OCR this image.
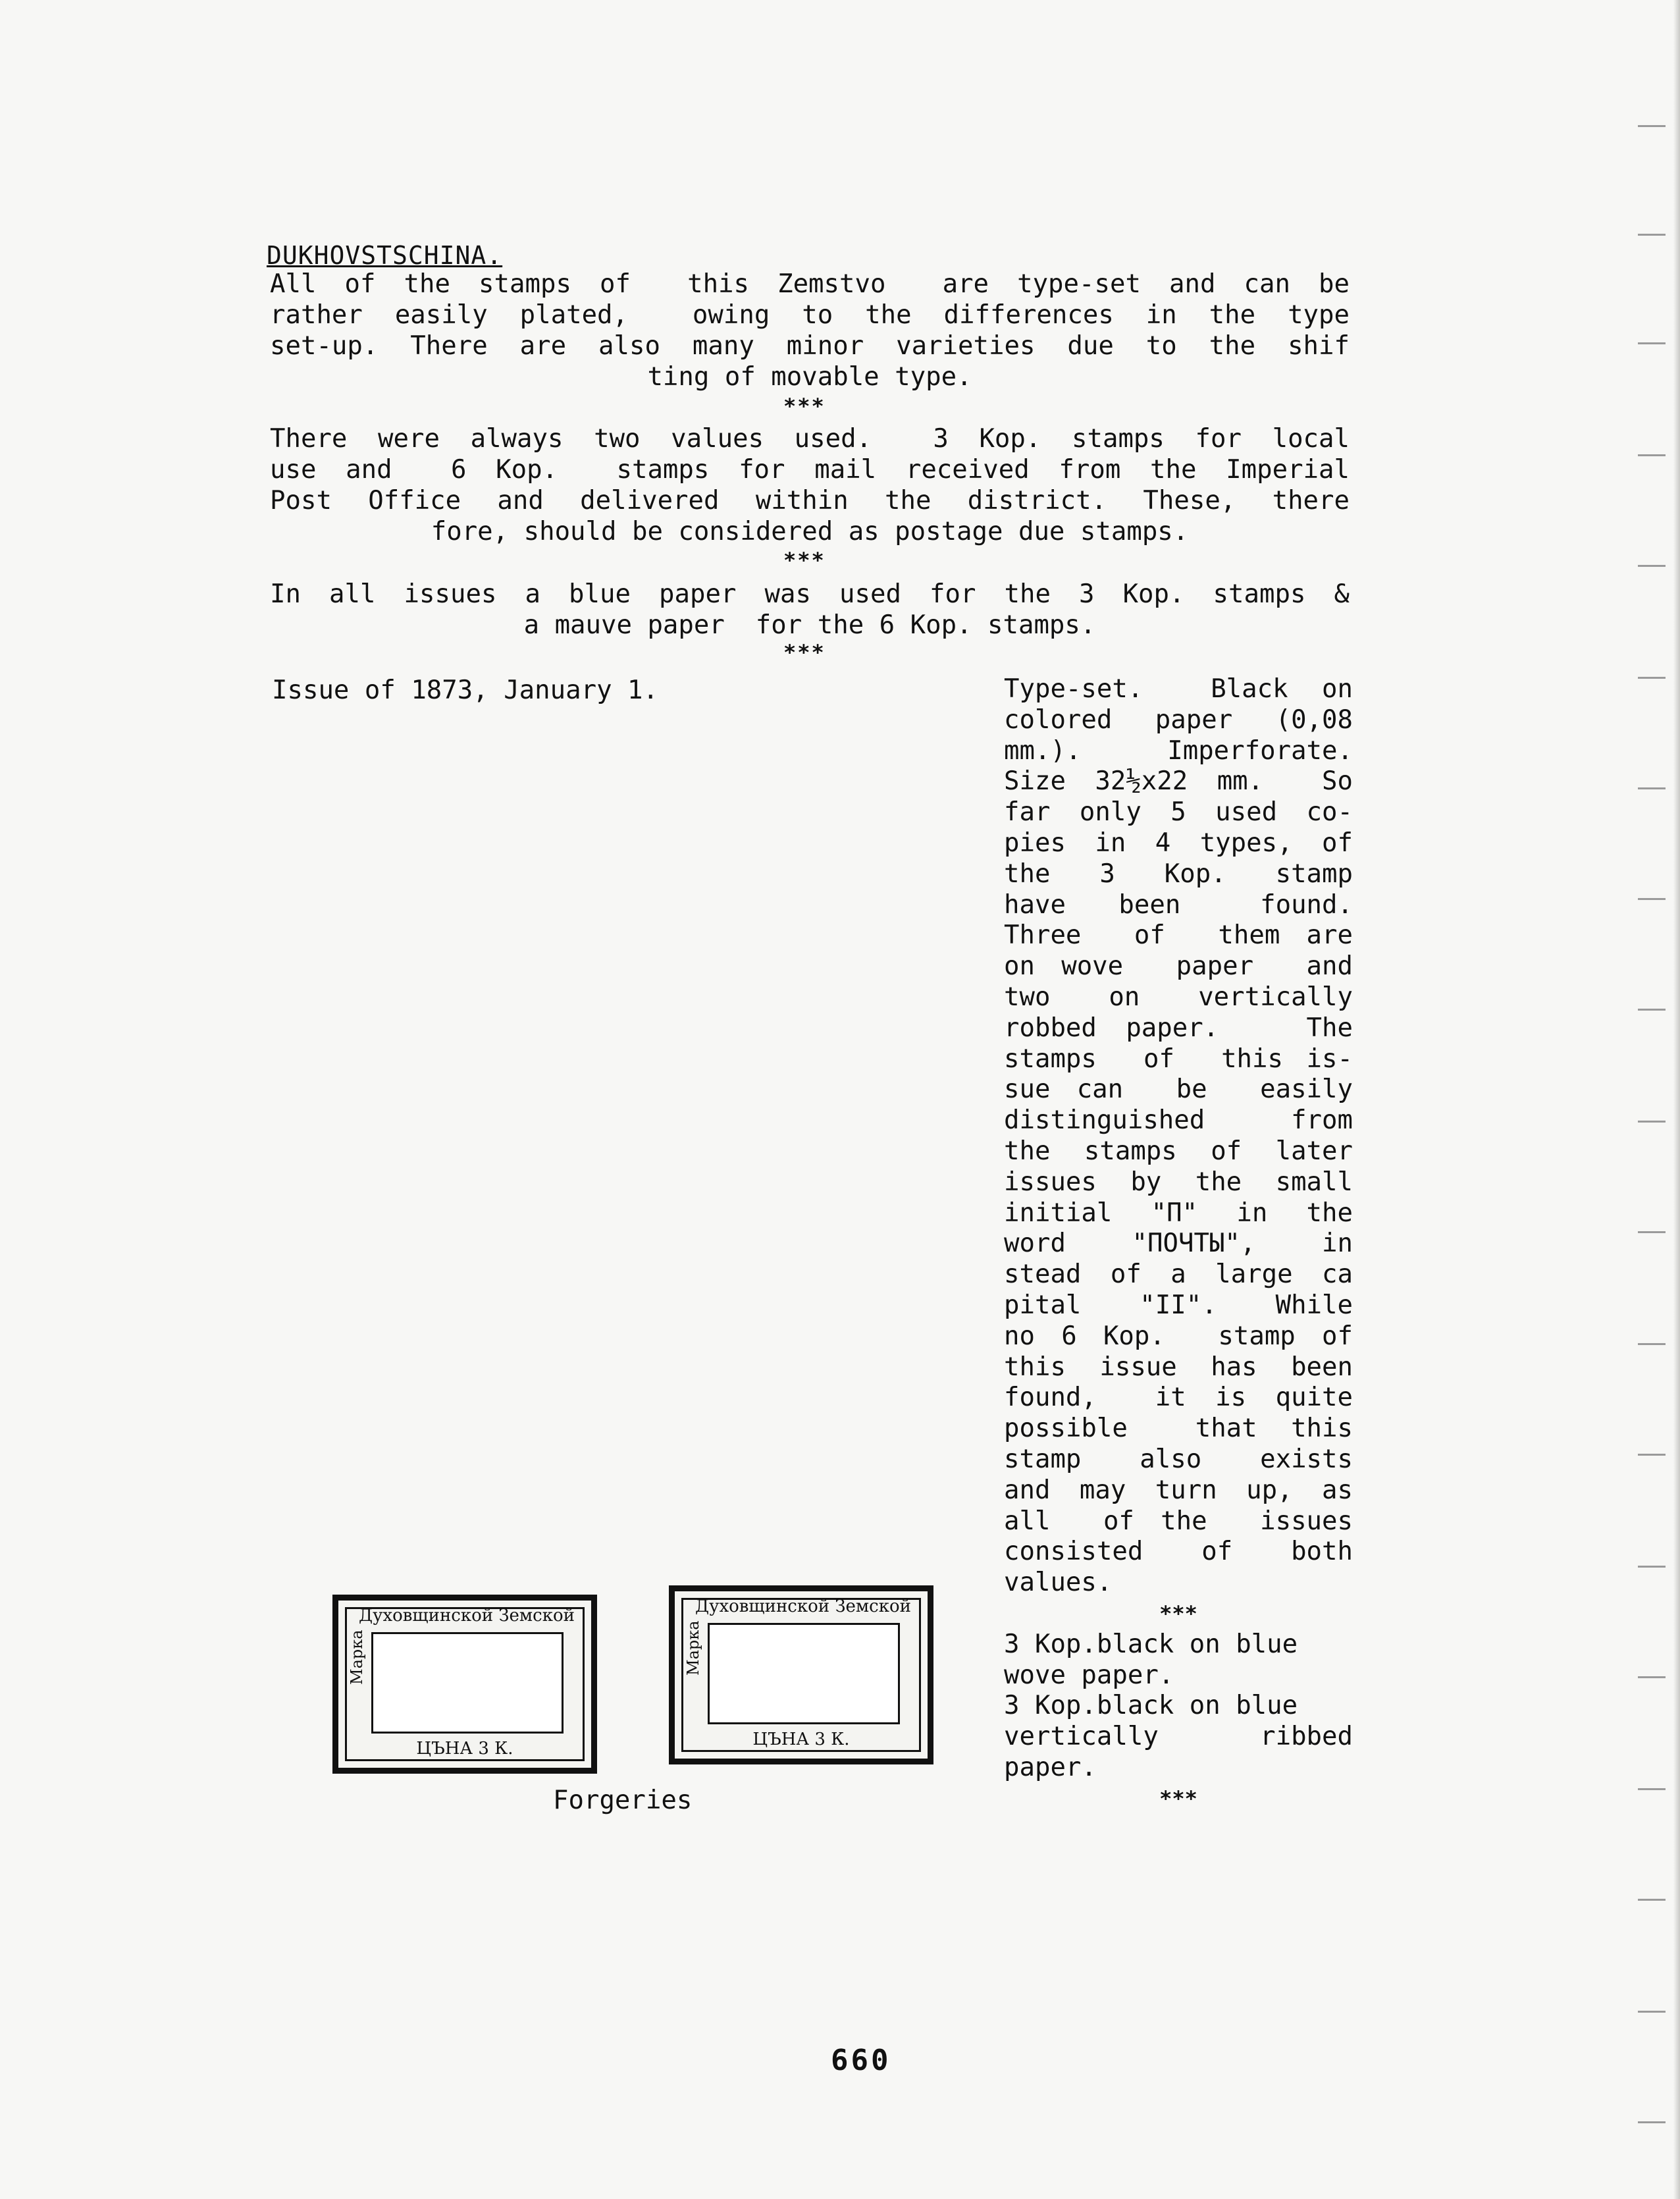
DUKHOVSTSCHINA.
All of the stamps of  this Zemstvo  are type-set and can be
rather easily plated,  owing to the differences in the type
set-up. There are also many minor varieties due to the shif
ting of movable type.
***
There were always two values used.  3 Kop. stamps for local
use and  6 Kop.  stamps for mail received from the Imperial
Post Office and delivered within the district. These, there
fore, should be considered as postage due stamps.
***
In all issues a blue paper was used for the 3 Kop. stamps &
a mauve paper  for the 6 Kop. stamps.
***
Issue of 1873, January 1.	Type-set.  Black on
colored paper (0,08
mm.).  Imperforate.
Size 32½x22 mm.  So
far only 5 used co-
pies in 4 types, of
the  3  Kop.  stamp
have  been   found.
Three  of  them are
on wove  paper  and
two  on  vertically
robbed paper.   The
stamps  of  this is-
sue can  be  easily
distinguished  from
the stamps of later
issues by the small
initial "П" in the
word "ПОЧТЫ", in
stead of a large ca
pital  "II".  While
no 6 Kop.  stamp of
this issue has been
found,  it is quite
possible  that this
stamp  also  exists
and may turn up, as
all  of the  issues
consisted  of  both
values.
***
3 Kop.black on blue
wove paper.
3 Kop.black on blue
vertically   ribbed
paper.
***
Духовщинской Земской
Марка
ЦЪНА 3 К.
Духовщинской Земской
Марка
ЦЪНА 3 К.
Forgeries
660
